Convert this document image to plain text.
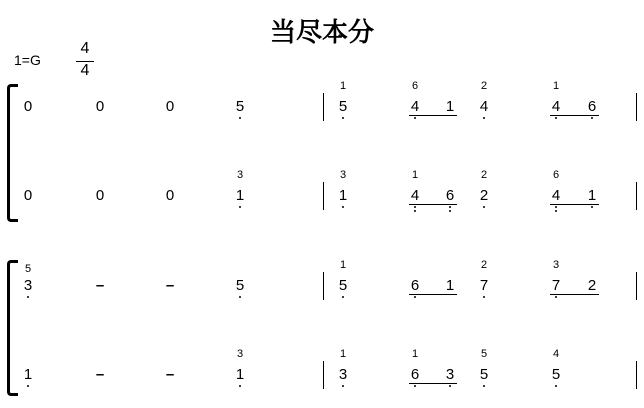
当尽本分
1=G
4
4
0	0	0	5	5
1
4
6
1 4
2
4
1
6
0	0	0	1
3
1
3
4
1
6 2
2
4
6
1
3
5
–	–	5	5
1
6 1 7
2
7
3
2
1	–	–	1
3
3
1
6
1
3 5
5
5
4
